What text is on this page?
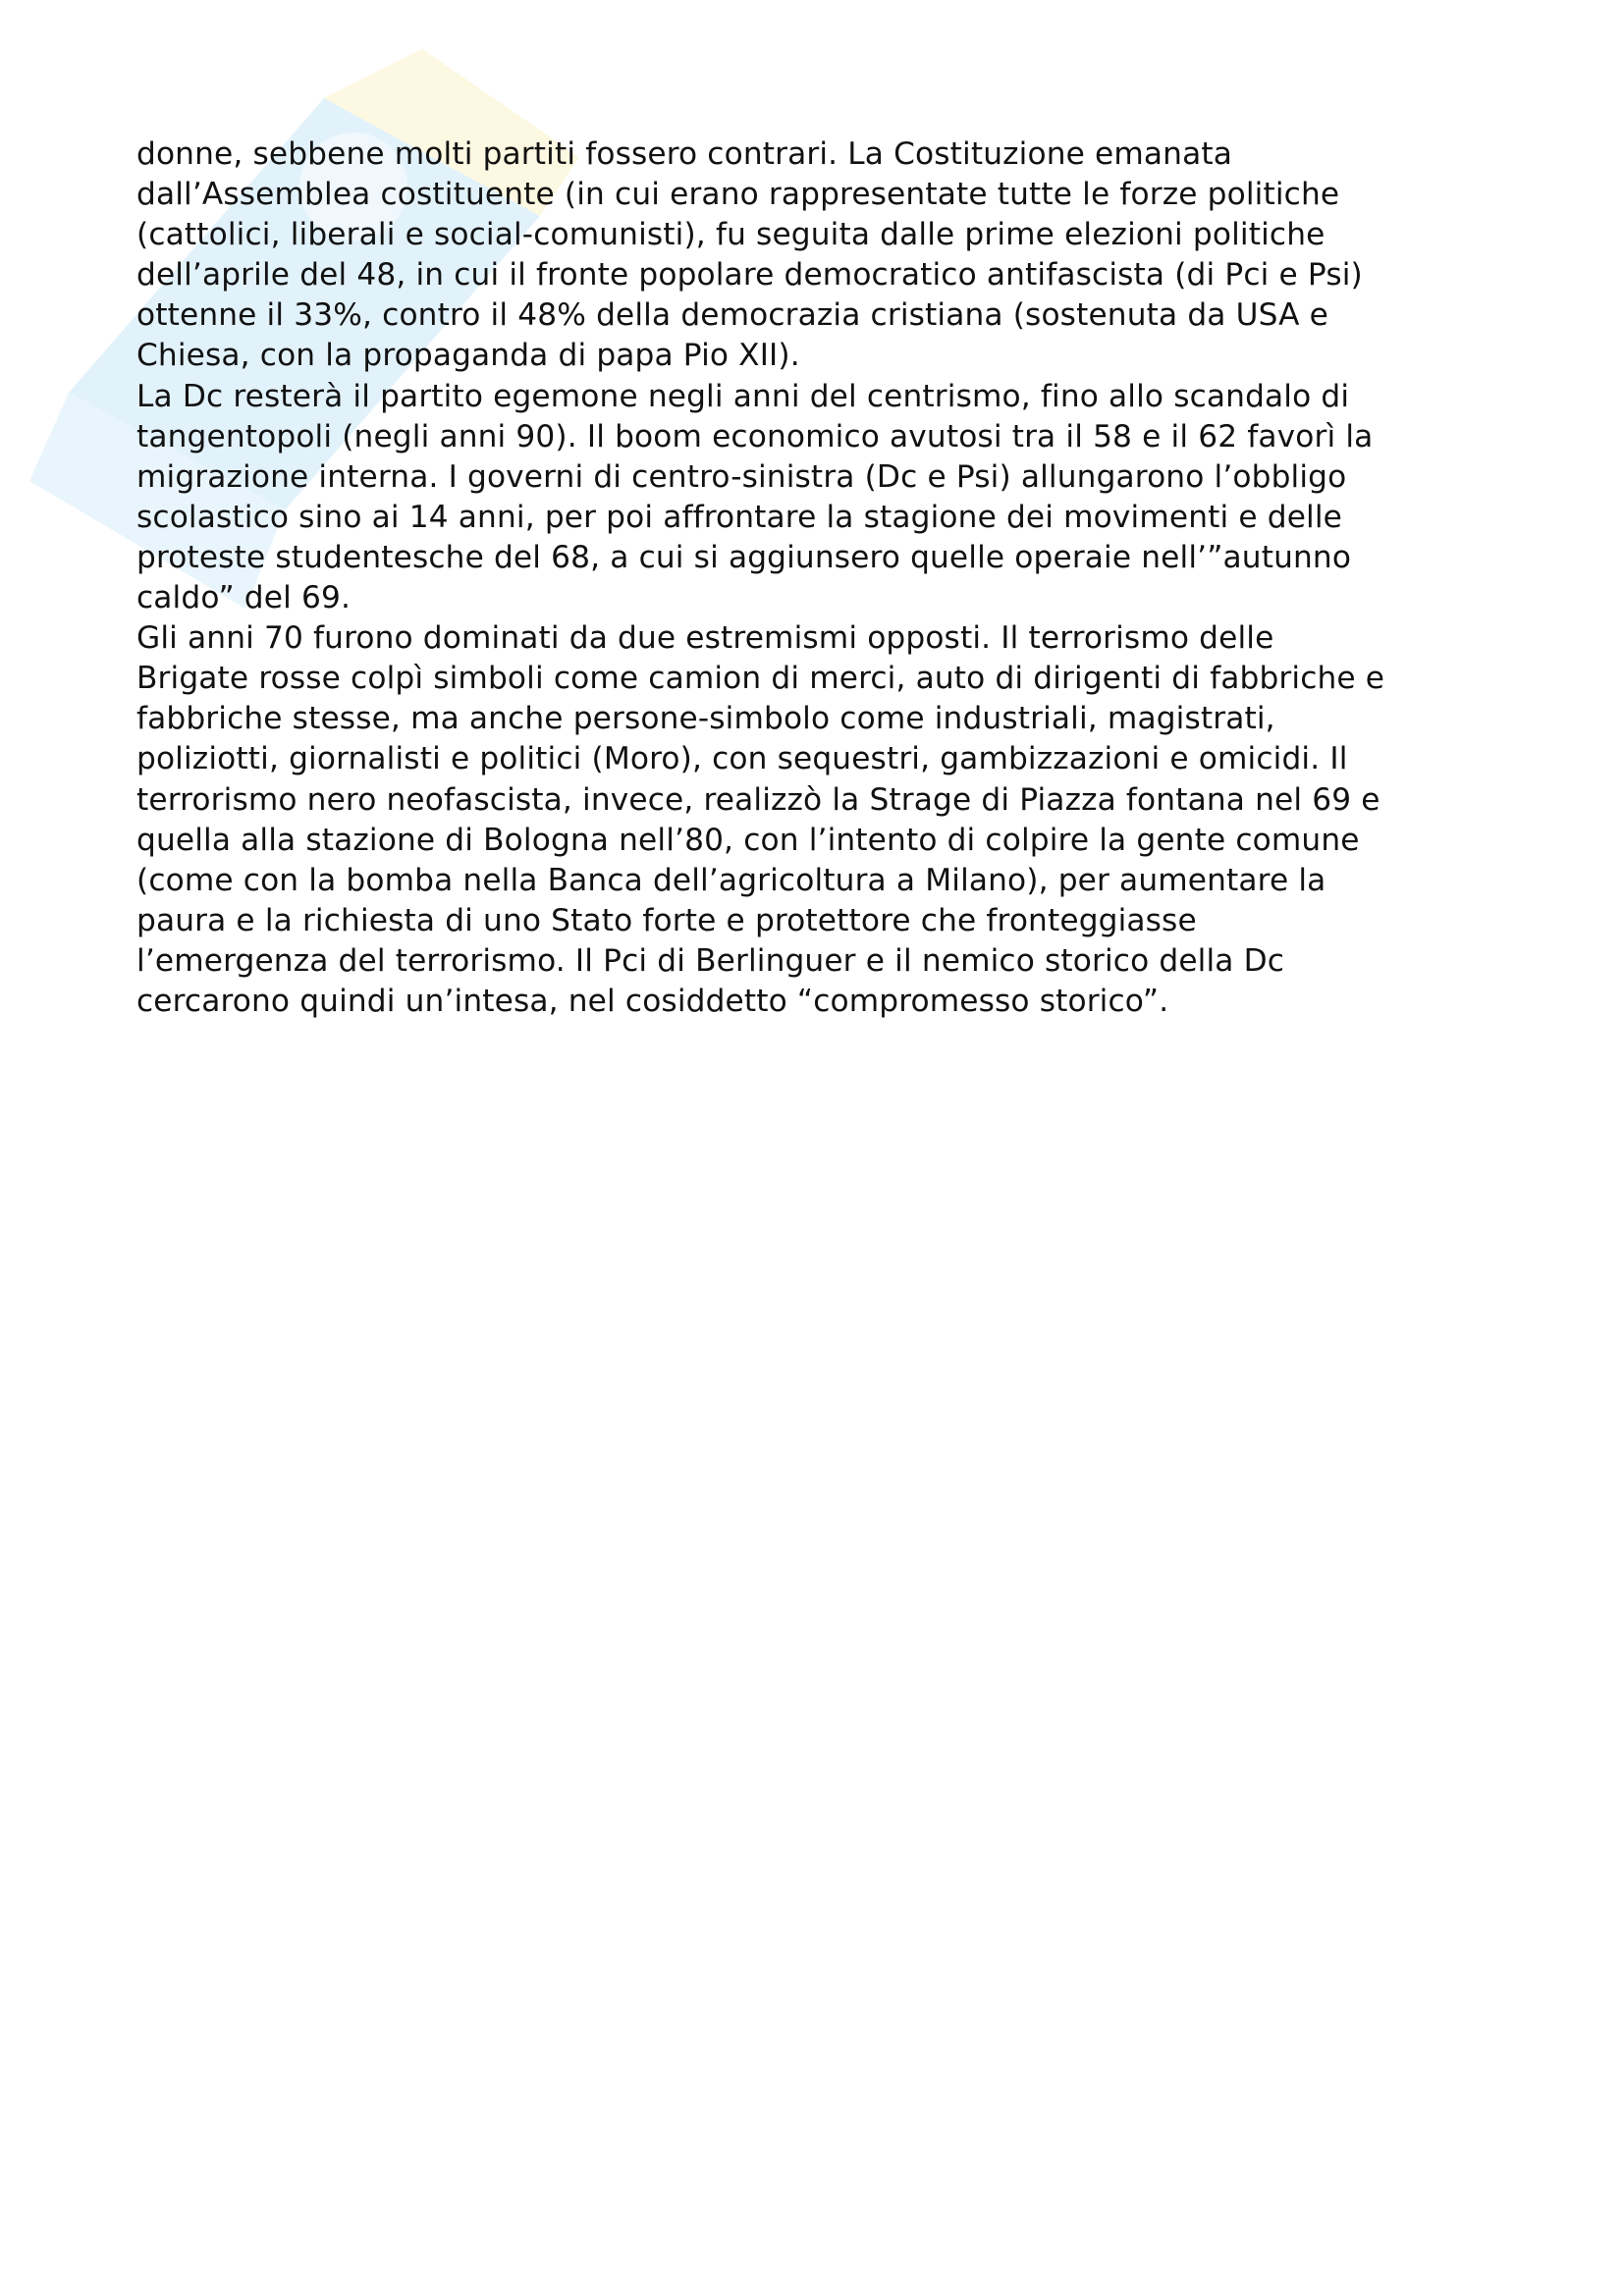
donne, sebbene molti partiti fossero contrari. La Costituzione emanata
dall’Assemblea costituente (in cui erano rappresentate tutte le forze politiche
(cattolici, liberali e social-comunisti), fu seguita dalle prime elezioni politiche
dell’aprile del 48, in cui il fronte popolare democratico antifascista (di Pci e Psi)
ottenne il 33%, contro il 48% della democrazia cristiana (sostenuta da USA e
Chiesa, con la propaganda di papa Pio XII).
La Dc resterà il partito egemone negli anni del centrismo, fino allo scandalo di
tangentopoli (negli anni 90). Il boom economico avutosi tra il 58 e il 62 favorì la
migrazione interna. I governi di centro-sinistra (Dc e Psi) allungarono l’obbligo
scolastico sino ai 14 anni, per poi affrontare la stagione dei movimenti e delle
proteste studentesche del 68, a cui si aggiunsero quelle operaie nell’”autunno
caldo” del 69.
Gli anni 70 furono dominati da due estremismi opposti. Il terrorismo delle
Brigate rosse colpì simboli come camion di merci, auto di dirigenti di fabbriche e
fabbriche stesse, ma anche persone-simbolo come industriali, magistrati,
poliziotti, giornalisti e politici (Moro), con sequestri, gambizzazioni e omicidi. Il
terrorismo nero neofascista, invece, realizzò la Strage di Piazza fontana nel 69 e
quella alla stazione di Bologna nell’80, con l’intento di colpire la gente comune
(come con la bomba nella Banca dell’agricoltura a Milano), per aumentare la
paura e la richiesta di uno Stato forte e protettore che fronteggiasse
l’emergenza del terrorismo. Il Pci di Berlinguer e il nemico storico della Dc
cercarono quindi un’intesa, nel cosiddetto “compromesso storico”.
